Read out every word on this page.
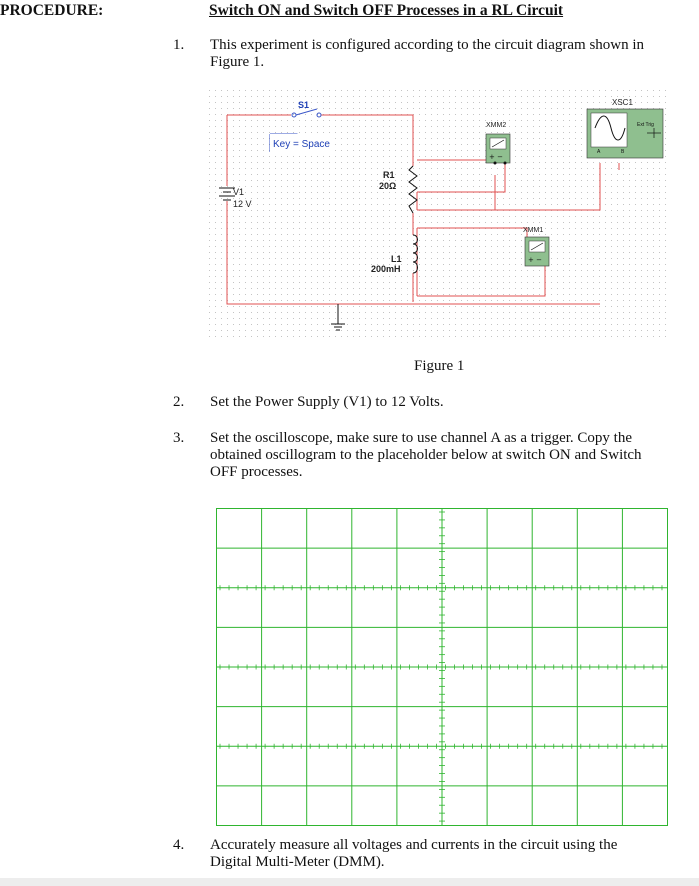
PROCEDURE:	Switch ON and Switch OFF Processes in a RL Circuit
1. This experiment is configured according to the circuit diagram shown in
Figure 1.
S1
Key = Space
V1
12 V
R1
20Ω
L1
200mH
XMM2
+ −
XMM1
+ −
XSC1
Ext Trig
A	B
Figure 1
2. Set the Power Supply (V1) to 12 Volts.
3. Set the oscilloscope, make sure to use channel A as a trigger. Copy the
obtained oscillogram to the placeholder below at switch ON and Switch
OFF processes.
4. Accurately measure all voltages and currents in the circuit using the
Digital Multi-Meter (DMM).
